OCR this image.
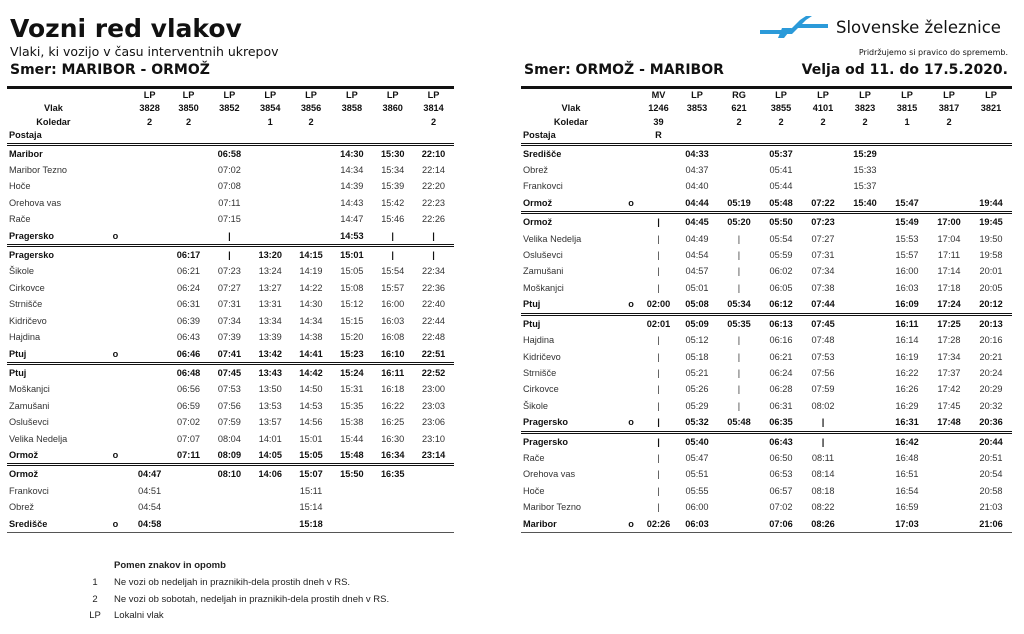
Vozni red vlakov
Vlaki, ki vozijo v času interventnih ukrepov
Slovenske železnice
Pridržujemo si pravico do sprememb.
Smer: MARIBOR - ORMOŽ	Smer: ORMOŽ - MARIBOR	Velja od 11. do 17.5.2020.
		LP	LP	LP	LP	LP	LP	LP	LP
Vlak		3828	3850	3852	3854	3856	3858	3860	3814
Koledar		2	2		1	2			2
Postaja									
Maribor				06:58			14:30	15:30	22:10
Maribor Tezno				07:02			14:34	15:34	22:14
Hoče				07:08			14:39	15:39	22:20
Orehova vas				07:11			14:43	15:42	22:23
Rače				07:15			14:47	15:46	22:26
Pragersko	o			|			14:53	|	|
Pragersko			06:17	|	13:20	14:15	15:01	|	|
Šikole			06:21	07:23	13:24	14:19	15:05	15:54	22:34
Cirkovce			06:24	07:27	13:27	14:22	15:08	15:57	22:36
Strnišče			06:31	07:31	13:31	14:30	15:12	16:00	22:40
Kidričevo			06:39	07:34	13:34	14:34	15:15	16:03	22:44
Hajdina			06:43	07:39	13:39	14:38	15:20	16:08	22:48
Ptuj	o		06:46	07:41	13:42	14:41	15:23	16:10	22:51
Ptuj			06:48	07:45	13:43	14:42	15:24	16:11	22:52
Moškanjci			06:56	07:53	13:50	14:50	15:31	16:18	23:00
Zamušani			06:59	07:56	13:53	14:53	15:35	16:22	23:03
Osluševci			07:02	07:59	13:57	14:56	15:38	16:25	23:06
Velika Nedelja			07:07	08:04	14:01	15:01	15:44	16:30	23:10
Ormož	o		07:11	08:09	14:05	15:05	15:48	16:34	23:14
Ormož		04:47		08:10	14:06	15:07	15:50	16:35	
Frankovci		04:51				15:11			
Obrež		04:54				15:14			
Središče	o	04:58				15:18			
		MV	LP	RG	LP	LP	LP	LP	LP	LP
Vlak		1246	3853	621	3855	4101	3823	3815	3817	3821
Koledar		39		2	2	2	2	1	2	
Postaja		R								
Središče			04:33		05:37		15:29			
Obrež			04:37		05:41		15:33			
Frankovci			04:40		05:44		15:37			
Ormož	o		04:44	05:19	05:48	07:22	15:40	15:47		19:44
Ormož		|	04:45	05:20	05:50	07:23		15:49	17:00	19:45
Velika Nedelja		|	04:49	|	05:54	07:27		15:53	17:04	19:50
Osluševci		|	04:54	|	05:59	07:31		15:57	17:11	19:58
Zamušani		|	04:57	|	06:02	07:34		16:00	17:14	20:01
Moškanjci		|	05:01	|	06:05	07:38		16:03	17:18	20:05
Ptuj	o	02:00	05:08	05:34	06:12	07:44		16:09	17:24	20:12
Ptuj		02:01	05:09	05:35	06:13	07:45		16:11	17:25	20:13
Hajdina		|	05:12	|	06:16	07:48		16:14	17:28	20:16
Kidričevo		|	05:18	|	06:21	07:53		16:19	17:34	20:21
Strnišče		|	05:21	|	06:24	07:56		16:22	17:37	20:24
Cirkovce		|	05:26	|	06:28	07:59		16:26	17:42	20:29
Šikole		|	05:29	|	06:31	08:02		16:29	17:45	20:32
Pragersko	o	|	05:32	05:48	06:35	|		16:31	17:48	20:36
Pragersko		|	05:40		06:43	|		16:42		20:44
Rače		|	05:47		06:50	08:11		16:48		20:51
Orehova vas		|	05:51		06:53	08:14		16:51		20:54
Hoče		|	05:55		06:57	08:18		16:54		20:58
Maribor Tezno		|	06:00		07:02	08:22		16:59		21:03
Maribor	o	02:26	06:03		07:06	08:26		17:03		21:06
Pomen znakov in opomb
1	Ne vozi ob nedeljah in praznikih-dela prostih dneh v RS.
2	Ne vozi ob sobotah, nedeljah in praznikih-dela prostih dneh v RS.
LP	Lokalni vlak
